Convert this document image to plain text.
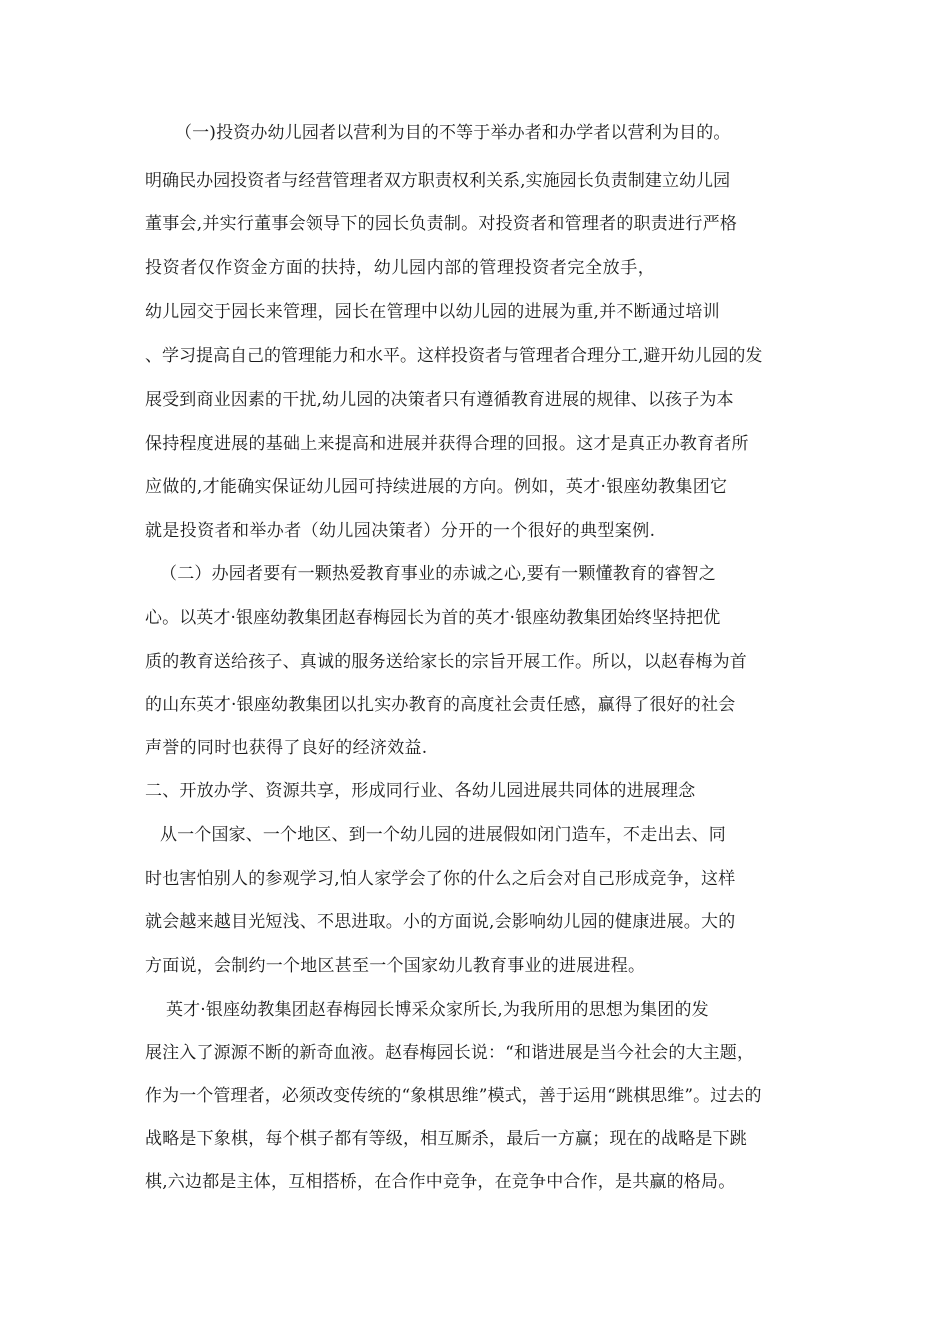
（一)投资办幼儿园者以营利为目的不等于举办者和办学者以营利为目的。
明确民办园投资者与经营管理者双方职责权利关系,实施园长负责制建立幼儿园
董事会,并实行董事会领导下的园长负责制。对投资者和管理者的职责进行严格
投资者仅作资金方面的扶持，幼儿园内部的管理投资者完全放手，
幼儿园交于园长来管理，园长在管理中以幼儿园的进展为重,并不断通过培训
、学习提高自己的管理能力和水平。这样投资者与管理者合理分工,避开幼儿园的发
展受到商业因素的干扰,幼儿园的决策者只有遵循教育进展的规律、以孩子为本
保持程度进展的基础上来提高和进展并获得合理的回报。这才是真正办教育者所
应做的,才能确实保证幼儿园可持续进展的方向。例如，英才·银座幼教集团它
就是投资者和举办者（幼儿园决策者）分开的一个很好的典型案例.
（二）办园者要有一颗热爱教育事业的赤诚之心,要有一颗懂教育的睿智之
心。以英才·银座幼教集团赵春梅园长为首的英才·银座幼教集团始终坚持把优
质的教育送给孩子、真诚的服务送给家长的宗旨开展工作。所以，以赵春梅为首
的山东英才·银座幼教集团以扎实办教育的高度社会责任感，赢得了很好的社会
声誉的同时也获得了良好的经济效益.
二、开放办学、资源共享，形成同行业、各幼儿园进展共同体的进展理念
从一个国家、一个地区、到一个幼儿园的进展假如闭门造车，不走出去、同
时也害怕别人的参观学习,怕人家学会了你的什么之后会对自己形成竞争，这样
就会越来越目光短浅、不思进取。小的方面说,会影响幼儿园的健康进展。大的
方面说，会制约一个地区甚至一个国家幼儿教育事业的进展进程。
英才·银座幼教集团赵春梅园长博采众家所长,为我所用的思想为集团的发
展注入了源源不断的新奇血液。赵春梅园长说：“和谐进展是当今社会的大主题，
作为一个管理者，必须改变传统的“象棋思维”模式，善于运用“跳棋思维”。过去的
战略是下象棋，每个棋子都有等级，相互厮杀，最后一方赢；现在的战略是下跳
棋,六边都是主体，互相搭桥，在合作中竞争，在竞争中合作，是共赢的格局。
